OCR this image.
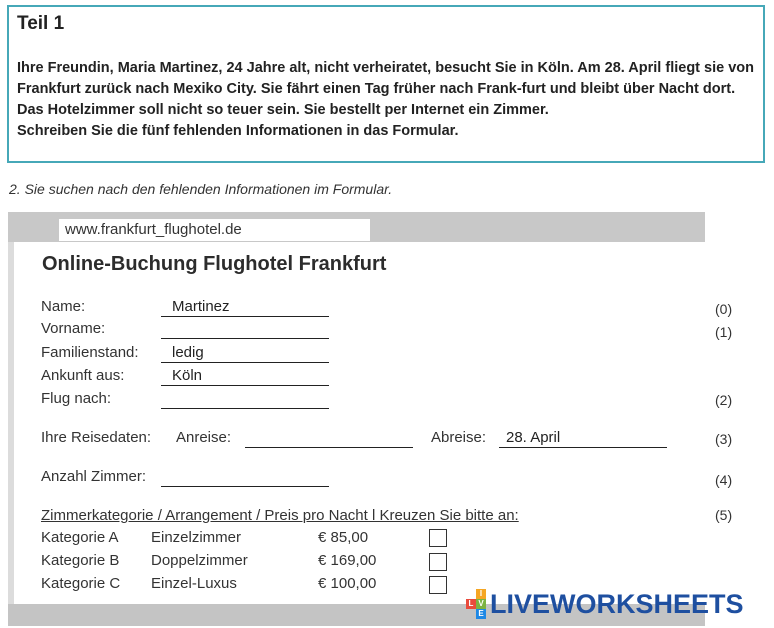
Teil 1

Ihre Freundin, Maria Martinez, 24 Jahre alt, nicht verheiratet, besucht Sie in Köln. Am 28. April fliegt sie von Frankfurt zurück nach Mexiko City. Sie fährt einen Tag früher nach Frank-furt und bleibt über Nacht dort. Das Hotelzimmer soll nicht so teuer sein. Sie bestellt per Internet ein Zimmer.

Schreiben Sie die fünf fehlenden Informationen in das Formular.

2. Sie suchen nach den fehlenden Informationen im Formular.
www.frankfurt_flughotel.de
Online-Buchung Flughotel Frankfurt
Name:	Martinez	(0)
Vorname:	(1)
Familienstand: ledig
Ankunft aus:	Köln
Flug nach:	(2)
Ihre Reisedaten: Anreise:	Abreise: 28. April	(3)
Anzahl Zimmer:	(4)
Zimmerkategorie / Arrangement / Preis pro Nacht l Kreuzen Sie bitte an:	(5)
Kategorie A Einzelzimmer	€ 85,00
Kategorie B Doppelzimmer	€ 169,00
Kategorie C Einzel-Luxus	€ 100,00
L
I
V
E LIVEWORKSHEETS
